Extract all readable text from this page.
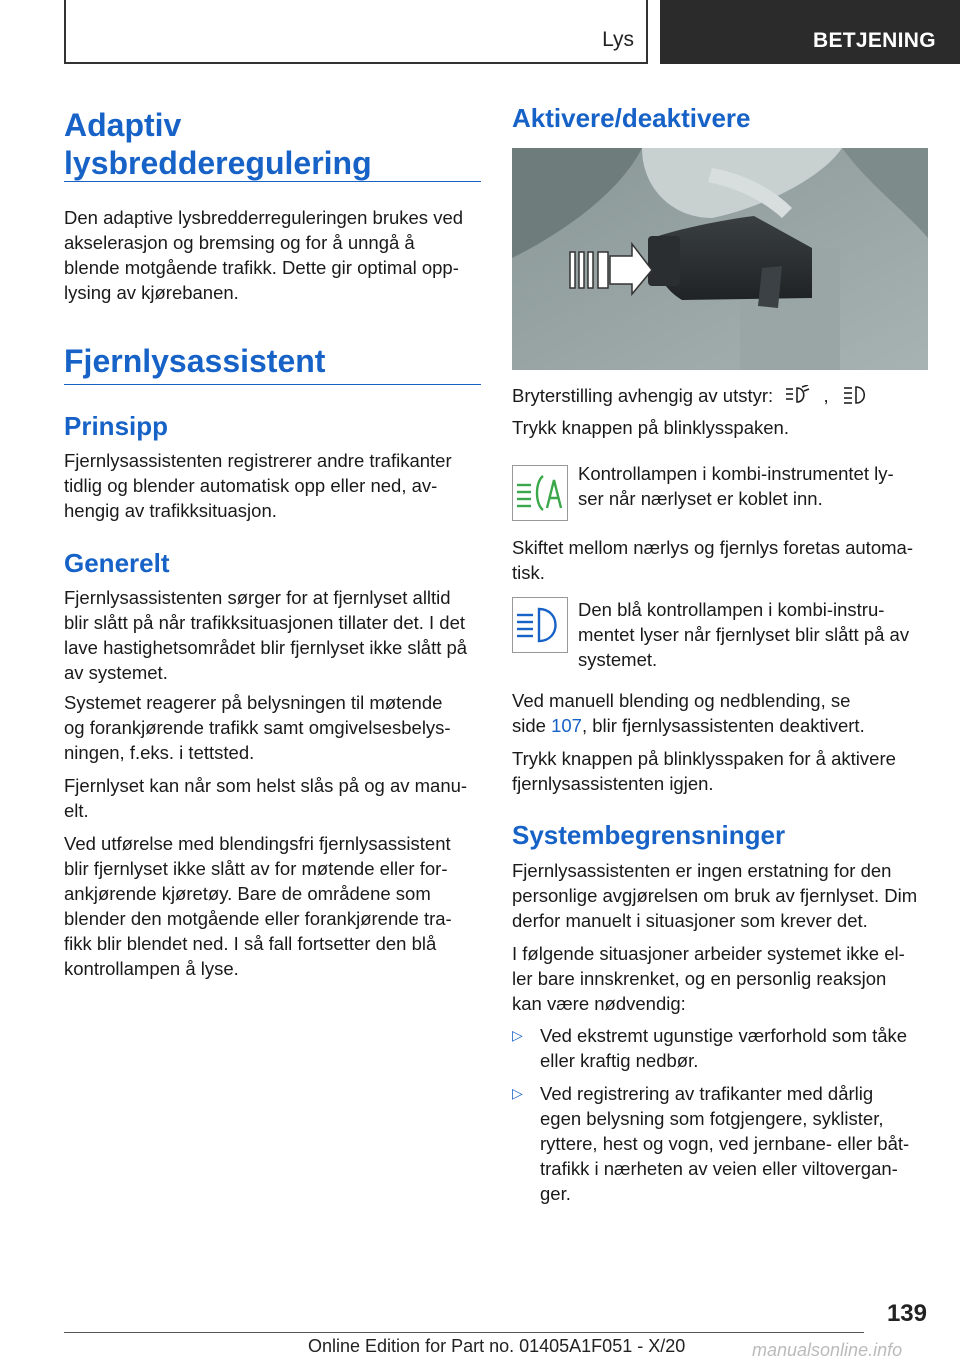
Lys	BETJENING
Adaptiv
lysbredderegulering
Den adaptive lysbredderreguleringen brukes ved
akselerasjon og bremsing og for å unngå å
blende motgående trafikk. Dette gir optimal opp-
lysing av kjørebanen.
Fjernlysassistent
Prinsipp
Fjernlysassistenten registrerer andre trafikanter
tidlig og blender automatisk opp eller ned, av-
hengig av trafikksituasjon.
Generelt
Fjernlysassistenten sørger for at fjernlyset alltid
blir slått på når trafikksituasjonen tillater det. I det
lave hastighetsområdet blir fjernlyset ikke slått på
av systemet.
Systemet reagerer på belysningen til møtende
og forankjørende trafikk samt omgivelsesbelys-
ningen, f.eks. i tettsted.
Fjernlyset kan når som helst slås på og av manu-
elt.
Ved utførelse med blendingsfri fjernlysassistent
blir fjernlyset ikke slått av for møtende eller for-
ankjørende kjøretøy. Bare de områdene som
blender den motgående eller forankjørende tra-
fikk blir blendet ned. I så fall fortsetter den blå
kontrollampen å lyse.
Aktivere/deaktivere
Bryterstilling avhengig av utstyr:	,
Trykk knappen på blinklysspaken.
Kontrollampen i kombi-instrumentet ly-
ser når nærlyset er koblet inn.
Skiftet mellom nærlys og fjernlys foretas automa-
tisk.
Den blå kontrollampen i kombi-instru-
mentet lyser når fjernlyset blir slått på av
systemet.
Ved manuell blending og nedblending, se
side 107, blir fjernlysassistenten deaktivert.
Trykk knappen på blinklysspaken for å aktivere
fjernlysassistenten igjen.
Systembegrensninger
Fjernlysassistenten er ingen erstatning for den
personlige avgjørelsen om bruk av fjernlyset. Dim
derfor manuelt i situasjoner som krever det.
I følgende situasjoner arbeider systemet ikke el-
ler bare innskrenket, og en personlig reaksjon
kan være nødvendig:
▷ Ved ekstremt ugunstige værforhold som tåke
eller kraftig nedbør.
▷ Ved registrering av trafikanter med dårlig
egen belysning som fotgjengere, syklister,
ryttere, hest og vogn, ved jernbane- eller båt-
trafikk i nærheten av veien eller viltovergan-
ger.
139
Online Edition for Part no. 01405A1F051 - X/20	manualsonline.info
